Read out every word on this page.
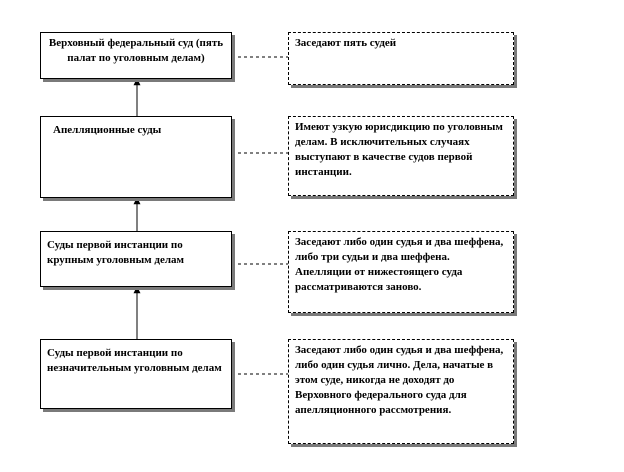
Верховный федеральный суд (пять палат по уголовным делам)
Апелляционные суды
Суды первой инстанции по крупным уголовным делам
Суды первой инстанции по незначительным уголовным делам
Заседают пять судей
Имеют узкую юрисдикцию по уголовным делам. В исключительных случаях выступают в качестве судов первой инстанции.
Заседают либо один судья и два шеффена, либо три судьи и два шеффена. Апелляции от нижестоящего суда рассматриваются заново.
Заседают либо один судья и два шеффена, либо один судья лично. Дела, начатые в этом суде, никогда не доходят до Верховного федерального суда для апелляционного рассмотрения.
